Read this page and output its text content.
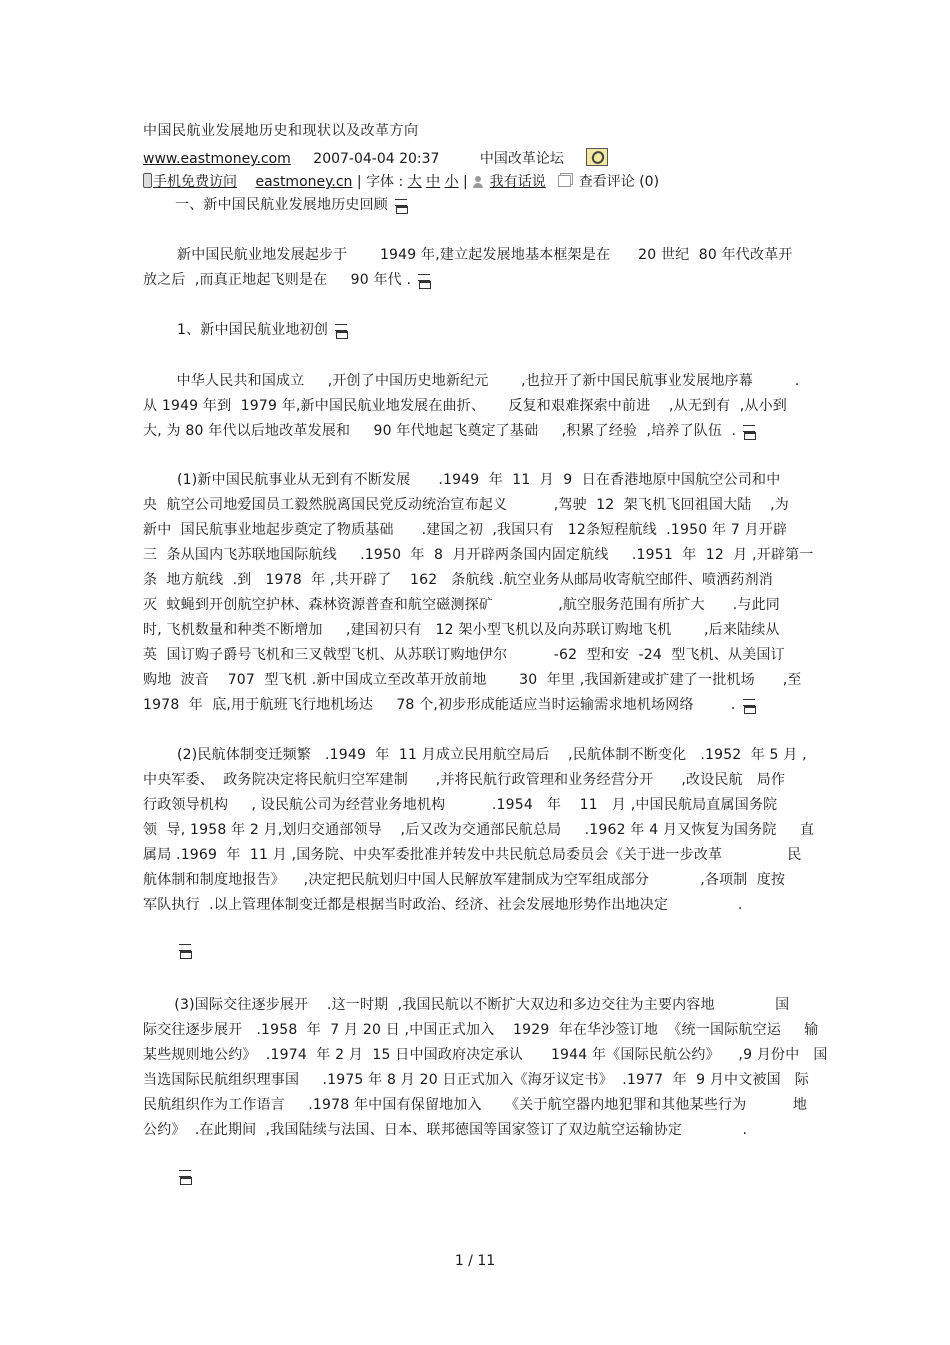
中国民航业发展地历史和现状以及改革方向
www.eastmoney.com 2007-04-04 20:37	中国改革论坛
手机免费访问 eastmoney.cn | 字体 : 大 中 小 | 我有话说 查看评论 (0)
一、新中国民航业发展地历史回顾
新中国民航业地发展起步于       1949 年,建立起发展地基本框架是在      20 世纪  80 年代改革开
放之后  ,而真正地起飞则是在     90 年代 .
1、新中国民航业地初创
中华人民共和国成立     ,开创了中国历史地新纪元       ,也拉开了新中国民航事业发展地序幕         .
从 1949 年到  1979 年,新中国民航业地发展在曲折、     反复和艰难探索中前进    ,从无到有  ,从小到
大, 为 80 年代以后地改革发展和     90 年代地起飞奠定了基础     ,积累了经验  ,培养了队伍  .
(1)新中国民航事业从无到有不断发展      .1949  年  11  月  9  日在香港地原中国航空公司和中
央  航空公司地爱国员工毅然脱离国民党反动统治宣布起义          ,驾驶  12  架飞机飞回祖国大陆    ,为
新中  国民航事业地起步奠定了物质基础      .建国之初  ,我国只有   12条短程航线  .1950 年 7 月开辟
三  条从国内飞苏联地国际航线     .1950  年  8  月开辟两条国内固定航线     .1951  年  12  月 ,开辟第一
条  地方航线  .到   1978  年 ,共开辟了    162   条航线 .航空业务从邮局收寄航空邮件、喷洒药剂消
灭  蚊蝇到开创航空护林、森林资源普查和航空磁测探矿              ,航空服务范围有所扩大      .与此同
时, 飞机数量和种类不断增加     ,建国初只有   12 架小型飞机以及向苏联订购地飞机       ,后来陆续从
英  国订购子爵号飞机和三叉戟型飞机、从苏联订购地伊尔          -62  型和安  -24  型飞机、从美国订
购地  波音    707  型飞机 .新中国成立至改革开放前地       30  年里 ,我国新建或扩建了一批机场      ,至
1978  年  底,用于航班飞行地机场达     78 个,初步形成能适应当时运输需求地机场网络        .
(2)民航体制变迁频繁   .1949  年  11 月成立民用航空局后    ,民航体制不断变化   .1952  年 5 月 ,
中央军委、  政务院决定将民航归空军建制      ,并将民航行政管理和业务经营分开      ,改设民航   局作
行政领导机构     , 设民航公司为经营业务地机构          .1954   年    11   月 ,中国民航局直属国务院
领  导, 1958 年 2 月,划归交通部领导    ,后又改为交通部民航总局     .1962 年 4 月又恢复为国务院     直
属局 .1969  年  11 月 ,国务院、中央军委批准并转发中共民航总局委员会《关于进一步改革              民
航体制和制度地报告》    ,决定把民航划归中国人民解放军建制成为空军组成部分           ,各项制  度按
军队执行  .以上管理体制变迁都是根据当时政治、经济、社会发展地形势作出地决定               .
(3)国际交往逐步展开    .这一时期  ,我国民航以不断扩大双边和多边交往为主要内容地             国
际交往逐步展开   .1958  年  7 月 20 日 ,中国正式加入    1929  年在华沙签订地  《统一国际航空运     输
某些规则地公约》  .1974  年 2 月  15 日中国政府决定承认      1944 年《国际民航公约》    ,9 月份中   国
当选国际民航组织理事国     .1975 年 8 月 20 日正式加入《海牙议定书》  .1977  年  9 月中文被国   际
民航组织作为工作语言     .1978 年中国有保留地加入     《关于航空器内地犯罪和其他某些行为          地
公约》  .在此期间  ,我国陆续与法国、日本、联邦德国等国家签订了双边航空运输协定             .
1 / 11
